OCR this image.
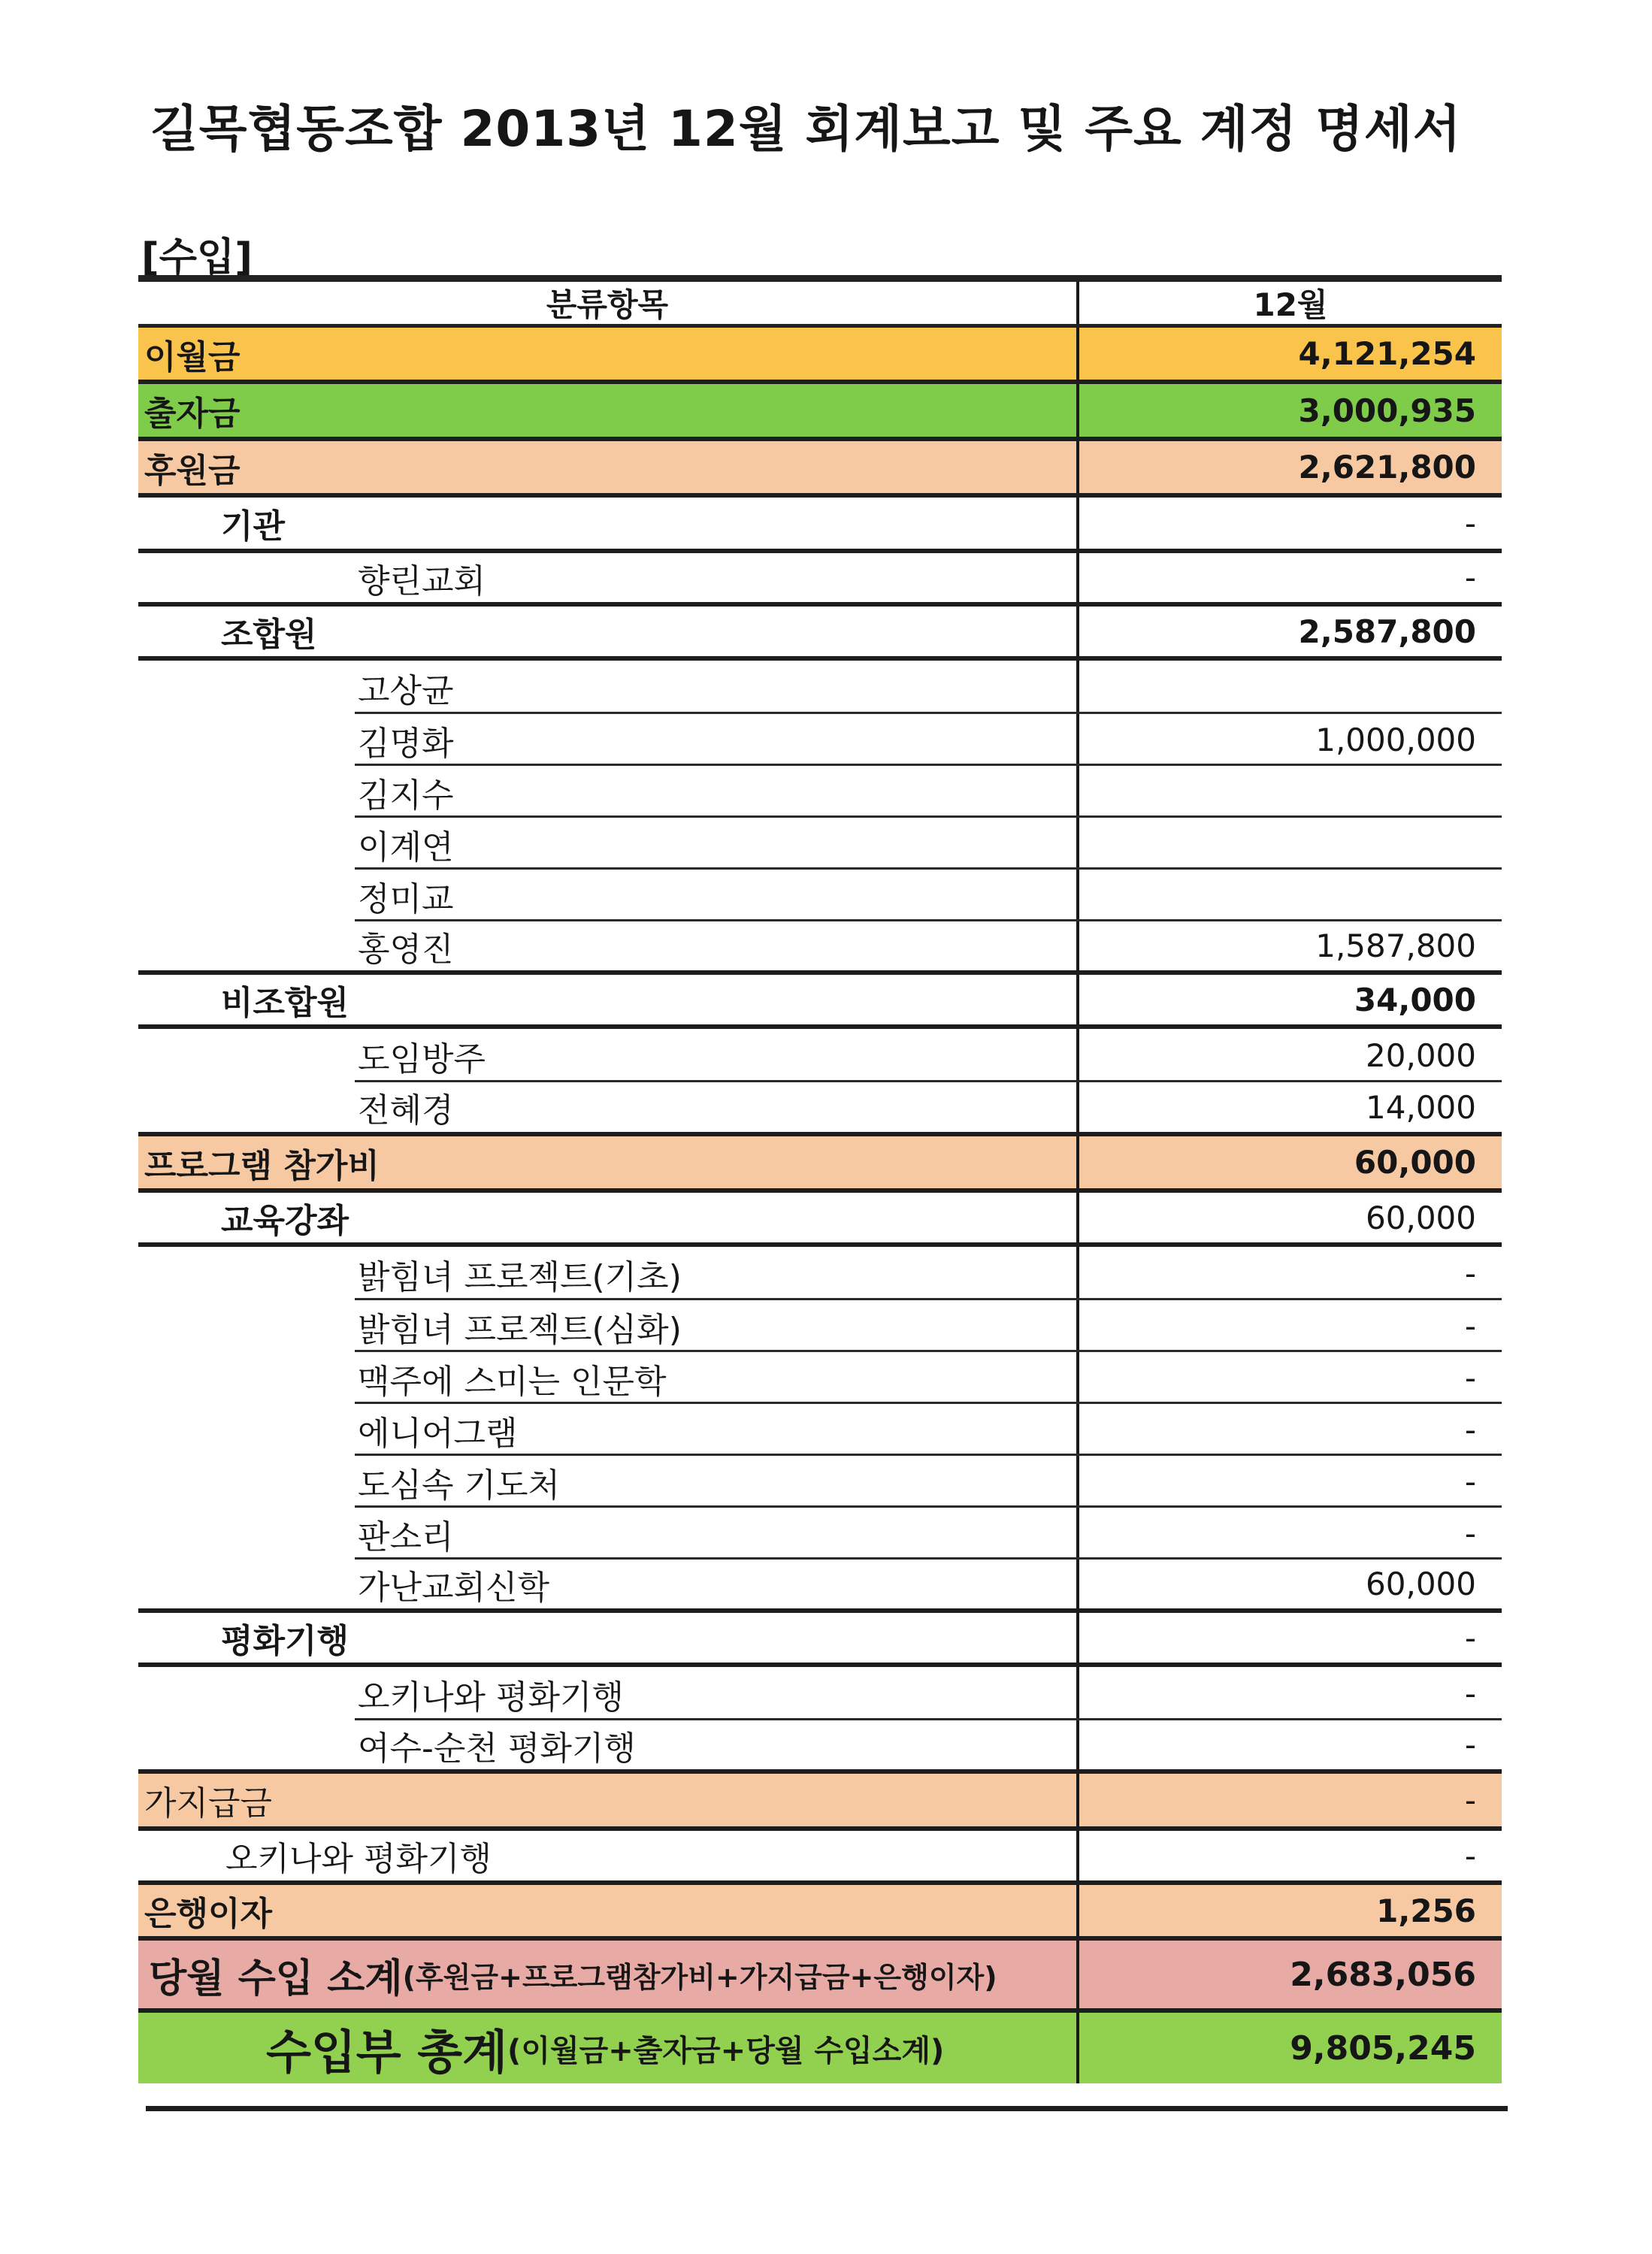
길목협동조합 2013년 12월 회계보고 및 주요 계정 명세서
[수입]
분류항목	12월
이월금	4,121,254
출자금	3,000,935
후원금	2,621,800
기관	-
향린교회	-
조합원	2,587,800
고상균
김명화	1,000,000
김지수
이계연
정미교
홍영진	1,587,800
비조합원	34,000
도임방주	20,000
전혜경	14,000
프로그램 참가비	60,000
교육강좌	60,000
밝힘녀 프로젝트(기초)	-
밝힘녀 프로젝트(심화)	-
맥주에 스미는 인문학	-
에니어그램	-
도심속 기도처	-
판소리	-
가난교회신학	60,000
평화기행	-
오키나와 평화기행	-
여수-순천 평화기행	-
가지급금	-
오키나와 평화기행	-
은행이자	1,256
당월 수입 소계 (후원금+프로그램참가비+가지급금+은행이자)	2,683,056
수입부 총계 (이월금+출자금+당월 수입소계)	9,805,245
